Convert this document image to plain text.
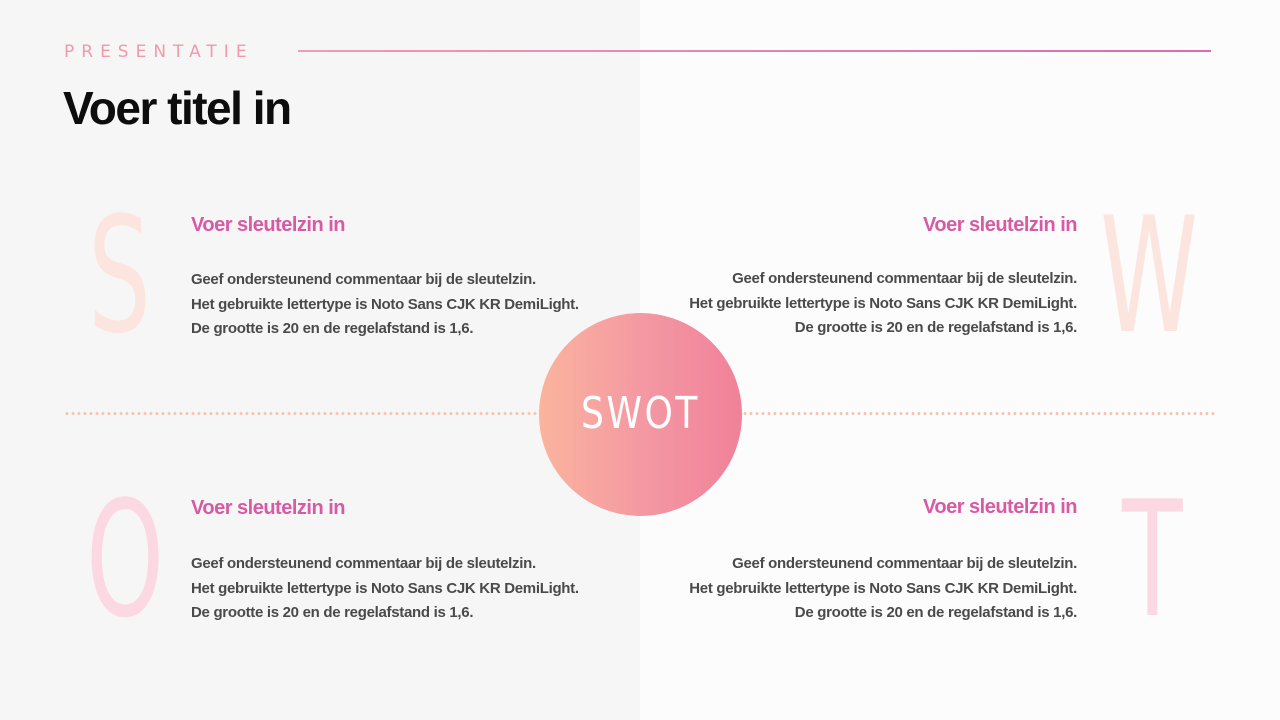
PRESENTATIE
Voer titel in
S	W
O	T
Voer sleutelzin in
Geef ondersteunend commentaar bij de sleutelzin.
Het gebruikte lettertype is Noto Sans CJK KR DemiLight.
De grootte is 20 en de regelafstand is 1,6.
Voer sleutelzin in
Geef ondersteunend commentaar bij de sleutelzin.
Het gebruikte lettertype is Noto Sans CJK KR DemiLight.
De grootte is 20 en de regelafstand is 1,6.
Voer sleutelzin in
Geef ondersteunend commentaar bij de sleutelzin.
Het gebruikte lettertype is Noto Sans CJK KR DemiLight.
De grootte is 20 en de regelafstand is 1,6.
Voer sleutelzin in
Geef ondersteunend commentaar bij de sleutelzin.
Het gebruikte lettertype is Noto Sans CJK KR DemiLight.
De grootte is 20 en de regelafstand is 1,6.
SWOT
